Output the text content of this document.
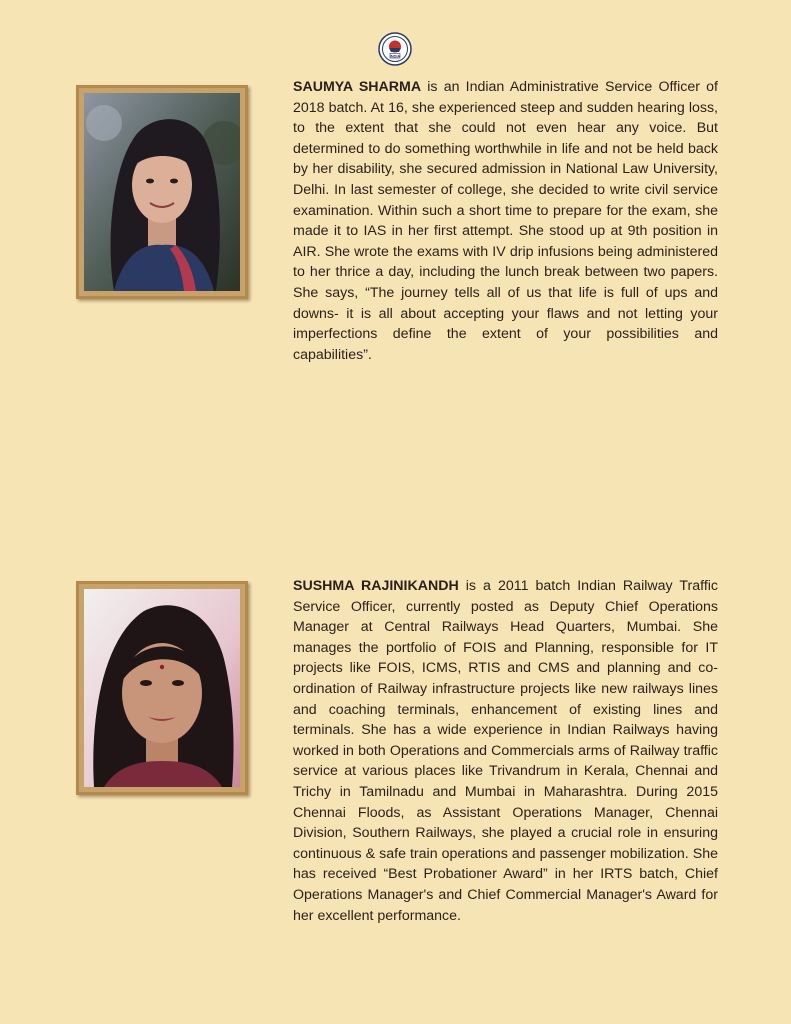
INDIA

SAUMYA SHARMA is an Indian Administrative Service Officer of 2018 batch. At 16, she experienced steep and sudden hearing loss, to the extent that she could not even hear any voice. But determined to do something worthwhile in life and not be held back by her disability, she secured admission in National Law University, Delhi. In last semester of college, she decided to write civil service examination. Within such a short time to prepare for the exam, she made it to IAS in her first attempt. She stood up at 9th position in AIR. She wrote the exams with IV drip infusions being administered to her thrice a day, including the lunch break between two papers. She says, “The journey tells all of us that life is full of ups and downs- it is all about accepting your flaws and not letting your imperfections define the extent of your possibilities and capabilities”.

SUSHMA RAJINIKANDH is a 2011 batch Indian Railway Traffic Service Officer, currently posted as Deputy Chief Operations Manager at Central Railways Head Quarters, Mumbai. She manages the portfolio of FOIS and Planning, responsible for IT projects like FOIS, ICMS, RTIS and CMS and planning and co-ordination of Railway infrastructure projects like new railways lines and coaching terminals, enhancement of existing lines and terminals. She has a wide experience in Indian Railways having worked in both Operations and Commercials arms of Railway traffic service at various places like Trivandrum in Kerala, Chennai and Trichy in Tamilnadu and Mumbai in Maharashtra. During 2015 Chennai Floods, as Assistant Operations Manager, Chennai Division, Southern Railways, she played a crucial role in ensuring continuous & safe train operations and passenger mobilization. She has received “Best Probationer Award” in her IRTS batch, Chief Operations Manager's and Chief Commercial Manager's Award for her excellent performance.
